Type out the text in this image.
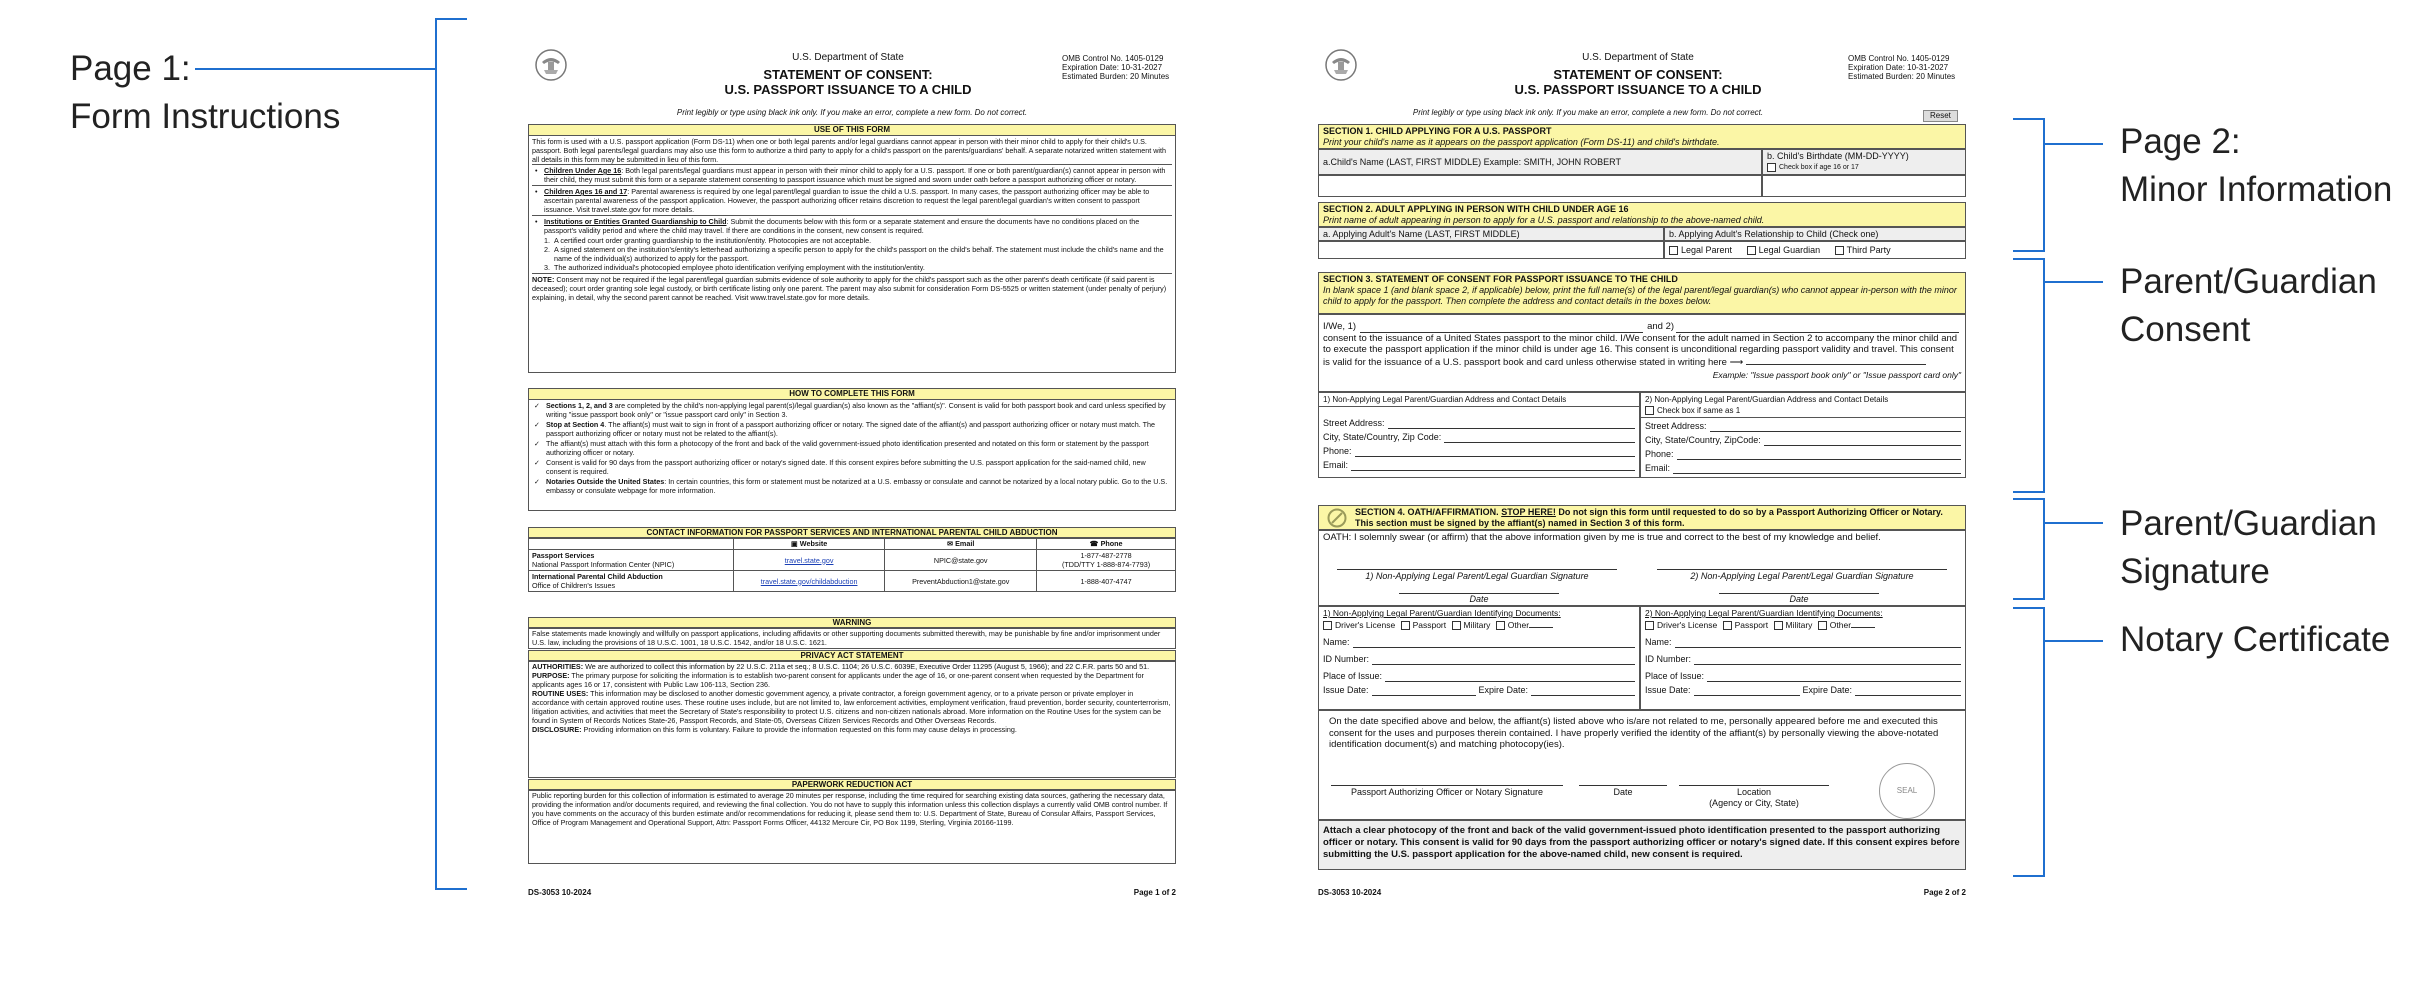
Page 1:
Form Instructions
Page 2:
Minor Information
Parent/Guardian
Consent
Parent/Guardian
Signature
Notary Certificate
U.S. Department of State
STATEMENT OF CONSENT:
U.S. PASSPORT ISSUANCE TO A CHILD
OMB Control No. 1405-0129
Expiration Date: 10-31-2027
Estimated Burden: 20 Minutes
Print legibly or type using black ink only. If you make an error, complete a new form. Do not correct.
USE OF THIS FORM
This form is used with a U.S. passport application (Form DS-11) when one or both legal parents and/or legal guardians cannot appear in person with their minor child to apply for their child's U.S. passport. Both legal parents/legal guardians may also use this form to authorize a third party to apply for a child's passport on the parents/guardians' behalf. A separate notarized written statement with all details in this form may be submitted in lieu of this form.
• Children Under Age 16: Both legal parents/legal guardians must appear in person with their minor child to apply for a U.S. passport. If one or both parent/guardian(s) cannot appear in person with their child, they must submit this form or a separate statement consenting to passport issuance which must be signed and sworn under oath before a passport authorizing officer or notary.
• Children Ages 16 and 17: Parental awareness is required by one legal parent/legal guardian to issue the child a U.S. passport. In many cases, the passport authorizing officer may be able to ascertain parental awareness of the passport application. However, the passport authorizing officer retains discretion to request the legal parent/legal guardian's written consent to passport issuance. Visit travel.state.gov for more details.
• Institutions or Entities Granted Guardianship to Child: Submit the documents below with this form or a separate statement and ensure the documents have no conditions placed on the passport's validity period and where the child may travel. If there are conditions in the consent, new consent is required.
1. A certified court order granting guardianship to the institution/entity. Photocopies are not acceptable.
2. A signed statement on the institution's/entity's letterhead authorizing a specific person to apply for the child's passport on the child's behalf. The statement must include the child's name and the name of the individual(s) authorized to apply for the passport.
3. The authorized individual's photocopied employee photo identification verifying employment with the institution/entity.
NOTE: Consent may not be required if the legal parent/legal guardian submits evidence of sole authority to apply for the child's passport such as the other parent's death certificate (if said parent is deceased); court order granting sole legal custody, or birth certificate listing only one parent. The parent may also submit for consideration Form DS-5525 or written statement (under penalty of perjury) explaining, in detail, why the second parent cannot be reached. Visit www.travel.state.gov for more details.
HOW TO COMPLETE THIS FORM
✓ Sections 1, 2, and 3 are completed by the child's non-applying legal parent(s)/legal guardian(s) also known as the "affiant(s)". Consent is valid for both passport book and card unless specified by writing "issue passport book only" or "issue passport card only" in Section 3.
✓ Stop at Section 4. The affiant(s) must wait to sign in front of a passport authorizing officer or notary. The signed date of the affiant(s) and passport authorizing officer or notary must match. The passport authorizing officer or notary must not be related to the affiant(s).
✓ The affiant(s) must attach with this form a photocopy of the front and back of the valid government-issued photo identification presented and notated on this form or statement by the passport authorizing officer or notary.
✓ Consent is valid for 90 days from the passport authorizing officer or notary's signed date. If this consent expires before submitting the U.S. passport application for the said-named child, new consent is required.
✓ Notaries Outside the United States: In certain countries, this form or statement must be notarized at a U.S. embassy or consulate and cannot be notarized by a local notary public. Go to the U.S. embassy or consulate webpage for more information.
CONTACT INFORMATION FOR PASSPORT SERVICES AND INTERNATIONAL PARENTAL CHILD ABDUCTION
	▣ Website	✉ Email	☎ Phone
Passport Services
National Passport Information Center (NPIC)	travel.state.gov	NPIC@state.gov	1-877-487-2778
(TDD/TTY 1-888-874-7793)
International Parental Child Abduction
Office of Children's Issues	travel.state.gov/childabduction	PreventAbduction1@state.gov	1-888-407-4747
WARNING
False statements made knowingly and willfully on passport applications, including affidavits or other supporting documents submitted therewith, may be punishable by fine and/or imprisonment under U.S. law, including the provisions of 18 U.S.C. 1001, 18 U.S.C. 1542, and/or 18 U.S.C. 1621.
PRIVACY ACT STATEMENT
AUTHORITIES: We are authorized to collect this information by 22 U.S.C. 211a et seq.; 8 U.S.C. 1104; 26 U.S.C. 6039E, Executive Order 11295 (August 5, 1966); and 22 C.F.R. parts 50 and 51.
PURPOSE: The primary purpose for soliciting the information is to establish two-parent consent for applicants under the age of 16, or one-parent consent when requested by the Department for applicants ages 16 or 17, consistent with Public Law 106-113, Section 236.
ROUTINE USES: This information may be disclosed to another domestic government agency, a private contractor, a foreign government agency, or to a private person or private employer in accordance with certain approved routine uses. These routine uses include, but are not limited to, law enforcement activities, employment verification, fraud prevention, border security, counterterrorism, litigation activities, and activities that meet the Secretary of State's responsibility to protect U.S. citizens and non-citizen nationals abroad. More information on the Routine Uses for the system can be found in System of Records Notices State-26, Passport Records, and State-05, Overseas Citizen Services Records and Other Overseas Records.
DISCLOSURE: Providing information on this form is voluntary. Failure to provide the information requested on this form may cause delays in processing.
PAPERWORK REDUCTION ACT
Public reporting burden for this collection of information is estimated to average 20 minutes per response, including the time required for searching existing data sources, gathering the necessary data, providing the information and/or documents required, and reviewing the final collection. You do not have to supply this information unless this collection displays a currently valid OMB control number. If you have comments on the accuracy of this burden estimate and/or recommendations for reducing it, please send them to: U.S. Department of State, Bureau of Consular Affairs, Passport Services, Office of Program Management and Operational Support, Attn: Passport Forms Officer, 44132 Mercure Cir, PO Box 1199, Sterling, Virginia 20166-1199.
DS-3053 10-2024	Page 1 of 2
U.S. Department of State
STATEMENT OF CONSENT:
U.S. PASSPORT ISSUANCE TO A CHILD
OMB Control No. 1405-0129
Expiration Date: 10-31-2027
Estimated Burden: 20 Minutes
Print legibly or type using black ink only. If you make an error, complete a new form. Do not correct.	Reset
SECTION 1. CHILD APPLYING FOR A U.S. PASSPORT
Print your child's name as it appears on the passport application (Form DS-11) and child's birthdate.
a.Child's Name (LAST, FIRST MIDDLE) Example: SMITH, JOHN ROBERT
b. Child's Birthdate (MM-DD-YYYY)
Check box if age 16 or 17
SECTION 2. ADULT APPLYING IN PERSON WITH CHILD UNDER AGE 16
Print name of adult appearing in person to apply for a U.S. passport and relationship to the above-named child.
a. Applying Adult's Name (LAST, FIRST MIDDLE)	b. Applying Adult's Relationship to Child (Check one)
Legal Parent	Legal Guardian	Third Party
SECTION 3. STATEMENT OF CONSENT FOR PASSPORT ISSUANCE TO THE CHILD
In blank space 1 (and blank space 2, if applicable) below, print the full name(s) of the legal parent/legal guardian(s) who cannot appear in-person with the minor child to apply for the passport. Then complete the address and contact details in the boxes below.
I/We, 1)	and 2)
consent to the issuance of a United States passport to the minor child. I/We consent for the adult named in Section 2 to accompany the minor child and to execute the passport application if the minor child is under age 16. This consent is unconditional regarding passport validity and travel. This consent is valid for the issuance of a U.S. passport book and card unless otherwise stated in writing here ⟶
Example: "Issue passport book only" or "Issue passport card only"
1) Non-Applying Legal Parent/Guardian Address and Contact Details
Street Address:
City, State/Country, Zip Code:
Phone:
Email:
2) Non-Applying Legal Parent/Guardian Address and Contact Details
Check box if same as 1
Street Address:
City, State/Country, ZipCode:
Phone:
Email:
SECTION 4. OATH/AFFIRMATION. STOP HERE! Do not sign this form until requested to do so by a Passport Authorizing Officer or Notary. This section must be signed by the affiant(s) named in Section 3 of this form.
OATH: I solemnly swear (or affirm) that the above information given by me is true and correct to the best of my knowledge and belief.
1) Non-Applying Legal Parent/Legal Guardian Signature	2) Non-Applying Legal Parent/Legal Guardian Signature
Date	Date
1) Non-Applying Legal Parent/Guardian Identifying Documents:
Driver's License Passport Military Other
Name:
ID Number:
Place of Issue:
Issue Date:	Expire Date:
2) Non-Applying Legal Parent/Guardian Identifying Documents:
Driver's License Passport Military Other
Name:
ID Number:
Place of Issue:
Issue Date:	Expire Date:
On the date specified above and below, the affiant(s) listed above who is/are not related to me, personally appeared before me and executed this consent for the uses and purposes therein contained. I have properly verified the identity of the affiant(s) by personally viewing the above-notated identification document(s) and matching photocopy(ies).
Passport Authorizing Officer or Notary Signature	Date	Location
(Agency or City, State)
SEAL
Attach a clear photocopy of the front and back of the valid government-issued photo identification presented to the passport authorizing officer or notary. This consent is valid for 90 days from the passport authorizing officer or notary's signed date. If this consent expires before submitting the U.S. passport application for the above-named child, new consent is required.
DS-3053 10-2024	Page 2 of 2
